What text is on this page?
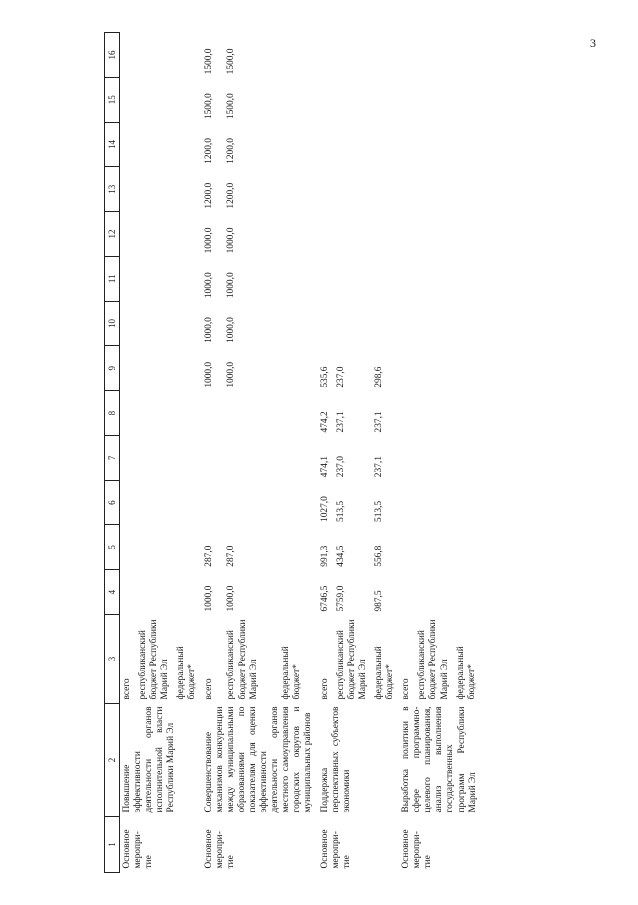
3
1	2	3	4	5	6	7	8	9	10	11	12	13	14	15	16
Основное меропри-тие	Повышение эффективности деятельности органов исполнительной власти Республики Марий Эл	всего													
		республиканский бюджет Республики Марий Эл													
		федеральный бюджет*													
Основное меропри-тие	Совершенствование механизмов конкуренции между муниципальными образованиями по показателям для оценки эффективности деятельности органов местного самоуправления городских округов и муниципальных районов	всего	1000,0	287,0				1000,0	1000,0	1000,0	1000,0	1200,0	1200,0	1500,0	1500,0
		республиканский бюджет Республики Марий Эл	1000,0	287,0				1000,0	1000,0	1000,0	1000,0	1200,0	1200,0	1500,0	1500,0
		федеральный бюджет*													
Основное меропри-тие	Поддержка перспективных субъектов экономики	всего	6746,5	991,3	1027,0	474,1	474,2	535,6							
		республиканский бюджет Республики Марий Эл	5759,0	434,5	513,5	237,0	237,1	237,0							
		федеральный бюджет*	987,5	556,8	513,5	237,1	237,1	298,6							
Основное меропри-тие	Выработка политики в сфере программно-целевого планирования, анализ выполнения государственных программ Республики Марий Эл	всего													
		республиканский бюджет Республики Марий Эл													
		федеральный бюджет*													
